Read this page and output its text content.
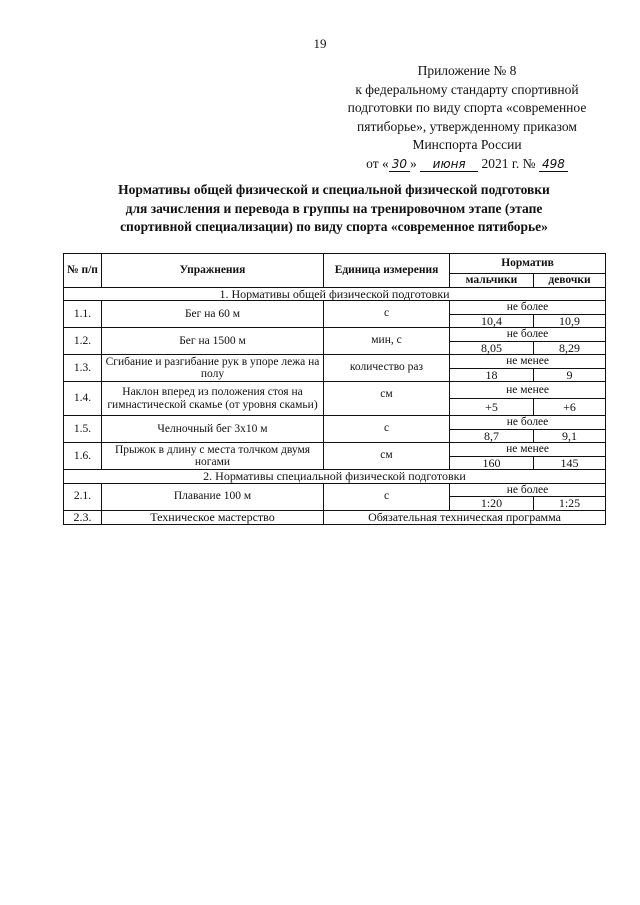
19
Приложение № 8
к федеральному стандарту спортивной
подготовки по виду спорта «современное
пятиборье», утвержденному приказом
Минспорта России
от « 30 » июня 2021 г. № 498
Нормативы общей физической и специальной физической подготовки
для зачисления и перевода в группы на тренировочном этапе (этапе
спортивной специализации) по виду спорта «современное пятиборье»
№ п/п	Упражнения	Единица измерения	Норматив	
			мальчики	девочки
1. Нормативы общей физической подготовки				
1.1.	Бег на 60 м	с	не более	
			10,4	10,9
1.2.	Бег на 1500 м	мин, с	не более	
			8,05	8,29
1.3.	Сгибание и разгибание рук в упоре лежа на полу	количество раз	не менее	
			18	9
1.4.	Наклон вперед из положения стоя на гимнастической скамье (от уровня скамьи)	см	не менее	
			+5	+6
1.5.	Челночный бег 3x10 м	с	не более	
			8,7	9,1
1.6.	Прыжок в длину с места толчком двумя ногами	см	не менее	
			160	145
2. Нормативы специальной физической подготовки				
2.1.	Плавание 100 м	с	не более	
			1:20	1:25
2.3.	Техническое мастерство	Обязательная техническая программа		
